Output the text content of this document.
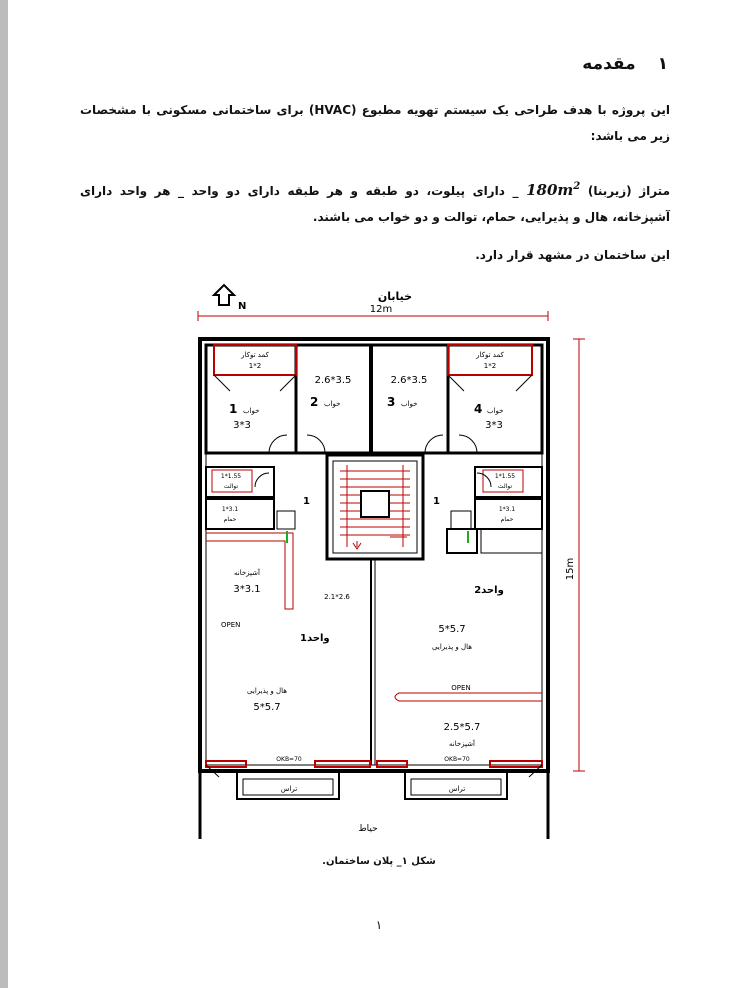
۱ مقدمه
این پروژه با هدف طراحی یک سیستم تهویه مطبوع (HVAC) برای ساختمانی مسکونی با مشخصات زیر می باشد:
متراژ (زیربنا) $180m^2$ _ دارای پیلوت، دو طبقه و هر طبقه دارای دو واحد _ هر واحد دارای آشپزخانه، هال و پذیرایی، حمام، توالت و دو خواب می باشند.
این ساختمان در مشهد قرار دارد.
N
خیابان
12m
15m
کمد توکار
1*2
کمد توکار
1*2
1 خواب
3*3
2.6*3.5
2 خواب
2.6*3.5
3 خواب	4 خواب
3*3
1*1.55
توالت
1*1.55
توالت
1*3.1
حمام
1*3.1
حمام
1	1
آشپزخانه
3*3.1
2.1*2.6
OPEN
واحد1
هال و پذیرایی
5*5.7
واحد2
5*5.7
هال و پذیرایی
OPEN
2.5*5.7
آشپزخانه
OKB=70	OKB=70
تراس	تراس
حیاط
شکل ۱_ پلان ساختمان.
۱
